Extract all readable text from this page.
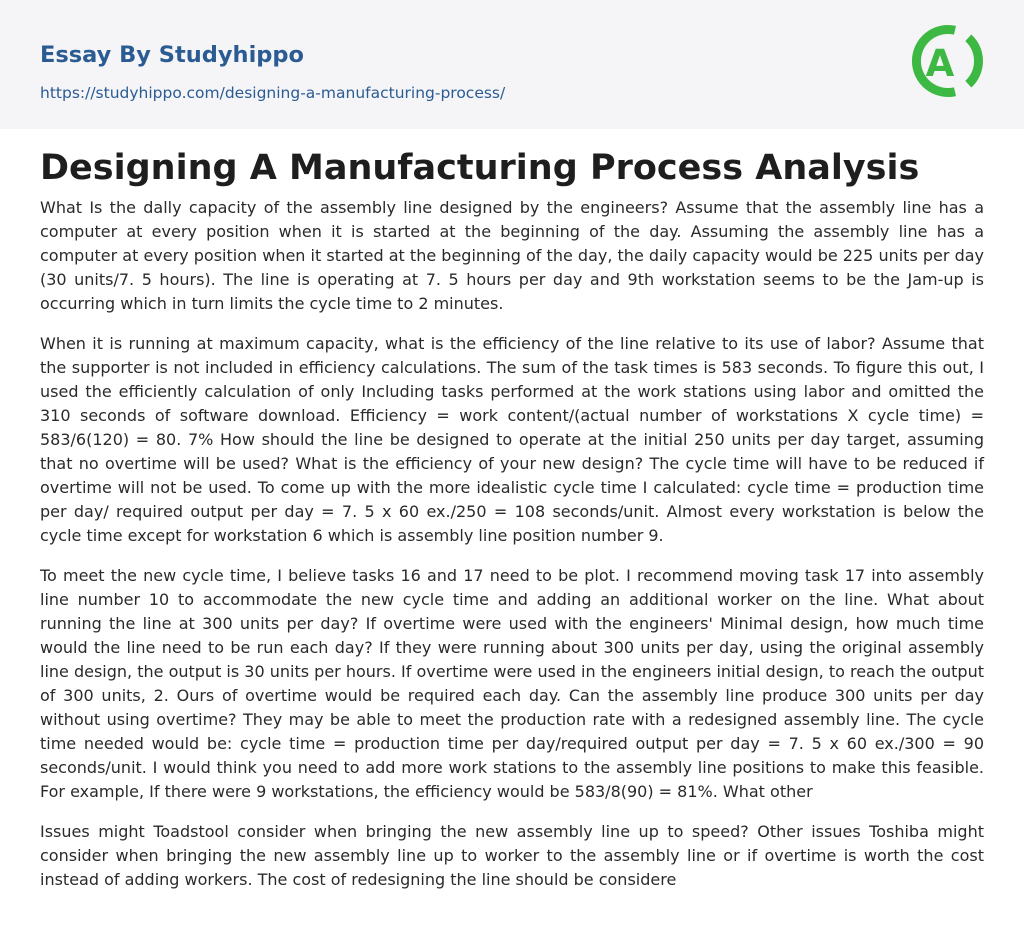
Essay By Studyhippo
https://studyhippo.com/designing-a-manufacturing-process/
A
Designing A Manufacturing Process Analysis

What Is the dally capacity of the assembly line designed by the engineers? Assume that the assembly line has a computer at every position when it is started at the beginning of the day. Assuming the assembly line has a computer at every position when it started at the beginning of the day, the daily capacity would be 225 units per day (30 units/7. 5 hours). The line is operating at 7. 5 hours per day and 9th workstation seems to be the Jam-up is occurring which in turn limits the cycle time to 2 minutes.

When it is running at maximum capacity, what is the efficiency of the line relative to its use of labor? Assume that the supporter is not included in efficiency calculations. The sum of the task times is 583 seconds. To figure this out, I used the efficiently calculation of only Including tasks performed at the work stations using labor and omitted the 310 seconds of software download. Efficiency = work content/(actual number of workstations X cycle time) = 583/6(120) = 80. 7% How should the line be designed to operate at the initial 250 units per day target, assuming that no overtime will be used? What is the efficiency of your new design? The cycle time will have to be reduced if overtime will not be used. To come up with the more idealistic cycle time I calculated: cycle time = production time per day/ required output per day = 7. 5 x 60 ex./250 = 108 seconds/unit. Almost every workstation is below the cycle time except for workstation 6 which is assembly line position number 9.

To meet the new cycle time, I believe tasks 16 and 17 need to be plot. I recommend moving task 17 into assembly line number 10 to accommodate the new cycle time and adding an additional worker on the line. What about running the line at 300 units per day? If overtime were used with the engineers' Minimal design, how much time would the line need to be run each day? If they were running about 300 units per day, using the original assembly line design, the output is 30 units per hours. If overtime were used in the engineers initial design, to reach the output of 300 units, 2. Ours of overtime would be required each day. Can the assembly line produce 300 units per day without using overtime? They may be able to meet the production rate with a redesigned assembly line. The cycle time needed would be: cycle time = production time per day/required output per day = 7. 5 x 60 ex./300 = 90 seconds/unit. I would think you need to add more work stations to the assembly line positions to make this feasible. For example, If there were 9 workstations, the efficiency would be 583/8(90) = 81%. What other

Issues might Toadstool consider when bringing the new assembly line up to speed? Other issues Toshiba might consider when bringing the new assembly line up to worker to the assembly line or if overtime is worth the cost instead of adding workers. The cost of redesigning the line should be considere
